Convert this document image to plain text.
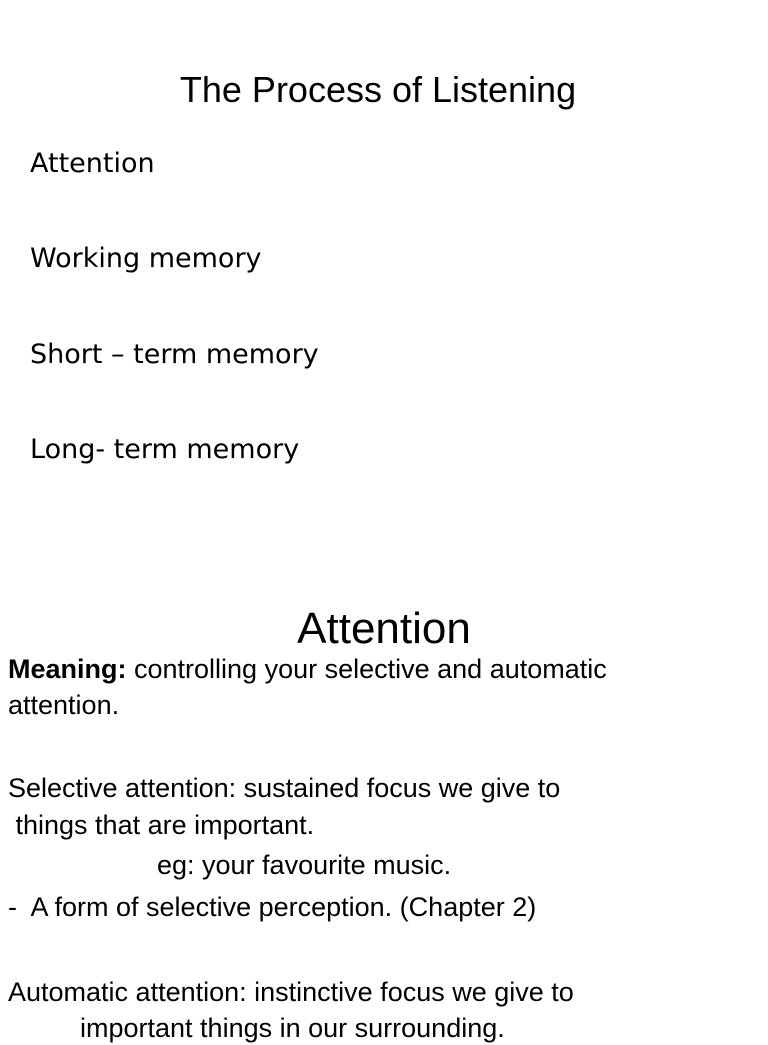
The Process of Listening

Attention

Working memory

Short – term memory

Long- term memory

Attention

Meaning: controlling your selective and automatic

attention.

Selective attention: sustained focus we give to

things that are important.

eg: your favourite music.

-  A form of selective perception. (Chapter 2)

Automatic attention: instinctive focus we give to

important things in our surrounding.
